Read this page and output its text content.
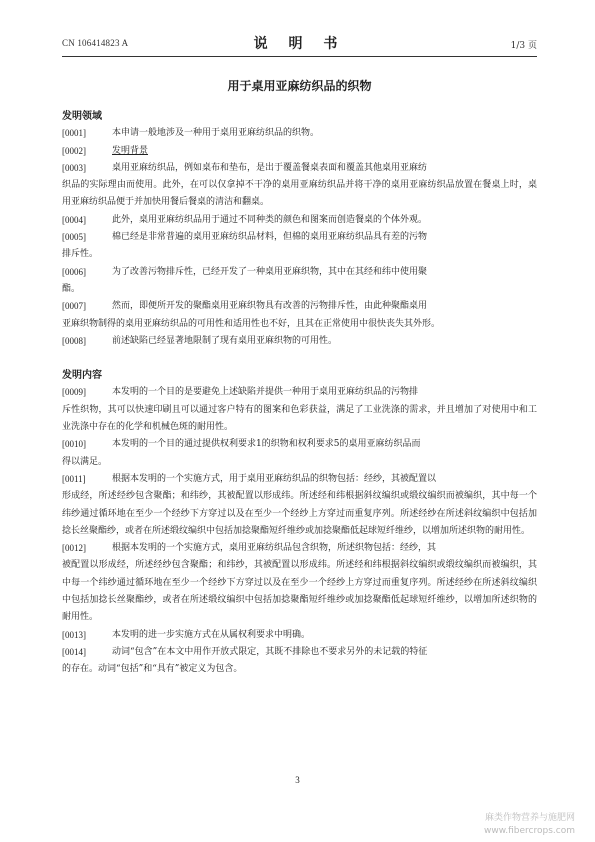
CN 106414823 A	说 明 书	1/3 页
用于桌用亚麻纺织品的织物
发明领域
[0001]	本申请一般地涉及一种用于桌用亚麻纺织品的织物。
[0002]	发明背景
[0003]	桌用亚麻纺织品，例如桌布和垫布，是出于覆盖餐桌表面和覆盖其他桌用亚麻纺
织品的实际理由而使用。此外，在可以仅拿掉不干净的桌用亚麻纺织品并将干净的桌用亚麻纺织品放置在餐桌上时，桌用亚麻纺织品便于并加快用餐后餐桌的清洁和翻桌。
[0004]	此外，桌用亚麻纺织品用于通过不同种类的颜色和图案而创造餐桌的个体外观。
[0005]	棉已经是非常普遍的桌用亚麻纺织品材料，但棉的桌用亚麻纺织品具有差的污物
排斥性。
[0006]	为了改善污物排斥性，已经开发了一种桌用亚麻织物，其中在其经和纬中使用聚
酯。
[0007]	然而，即便所开发的聚酯桌用亚麻织物具有改善的污物排斥性，由此种聚酯桌用
亚麻织物制得的桌用亚麻纺织品的可用性和适用性也不好，且其在正常使用中很快丧失其外形。
[0008]	前述缺陷已经显著地限制了现有桌用亚麻织物的可用性。
发明内容
[0009]	本发明的一个目的是要避免上述缺陷并提供一种用于桌用亚麻纺织品的污物排
斥性织物，其可以快速印刷且可以通过客户特有的图案和色彩获益，满足了工业洗涤的需求，并且增加了对使用中和工业洗涤中存在的化学和机械色斑的耐用性。
[0010]	本发明的一个目的通过提供权利要求1的织物和权利要求5的桌用亚麻纺织品而
得以满足。
[0011]	根据本发明的一个实施方式，用于桌用亚麻纺织品的织物包括：经纱，其被配置以
形成经，所述经纱包含聚酯；和纬纱，其被配置以形成纬。所述经和纬根据斜纹编织或缎纹编织而被编织，其中每一个纬纱通过循环地在至少一个经纱下方穿过以及在至少一个经纱上方穿过而重复序列。所述经纱在所述斜纹编织中包括加捻长丝聚酯纱，或者在所述缎纹编织中包括加捻聚酯短纤维纱或加捻聚酯低起球短纤维纱，以增加所述织物的耐用性。
[0012]	根据本发明的一个实施方式，桌用亚麻纺织品包含织物，所述织物包括：经纱，其
被配置以形成经，所述经纱包含聚酯；和纬纱，其被配置以形成纬。所述经和纬根据斜纹编织或缎纹编织而被编织，其中每一个纬纱通过循环地在至少一个经纱下方穿过以及在至少一个经纱上方穿过而重复序列。所述经纱在所述斜纹编织中包括加捻长丝聚酯纱，或者在所述缎纹编织中包括加捻聚酯短纤维纱或加捻聚酯低起球短纤维纱，以增加所述织物的耐用性。
[0013]	本发明的进一步实施方式在从属权利要求中明确。
[0014]	动词“包含”在本文中用作开放式限定，其既不排除也不要求另外的未记载的特征
的存在。动词“包括”和“具有”被定义为包含。
3
麻类作物营养与施肥网
www.fibercrops.com
